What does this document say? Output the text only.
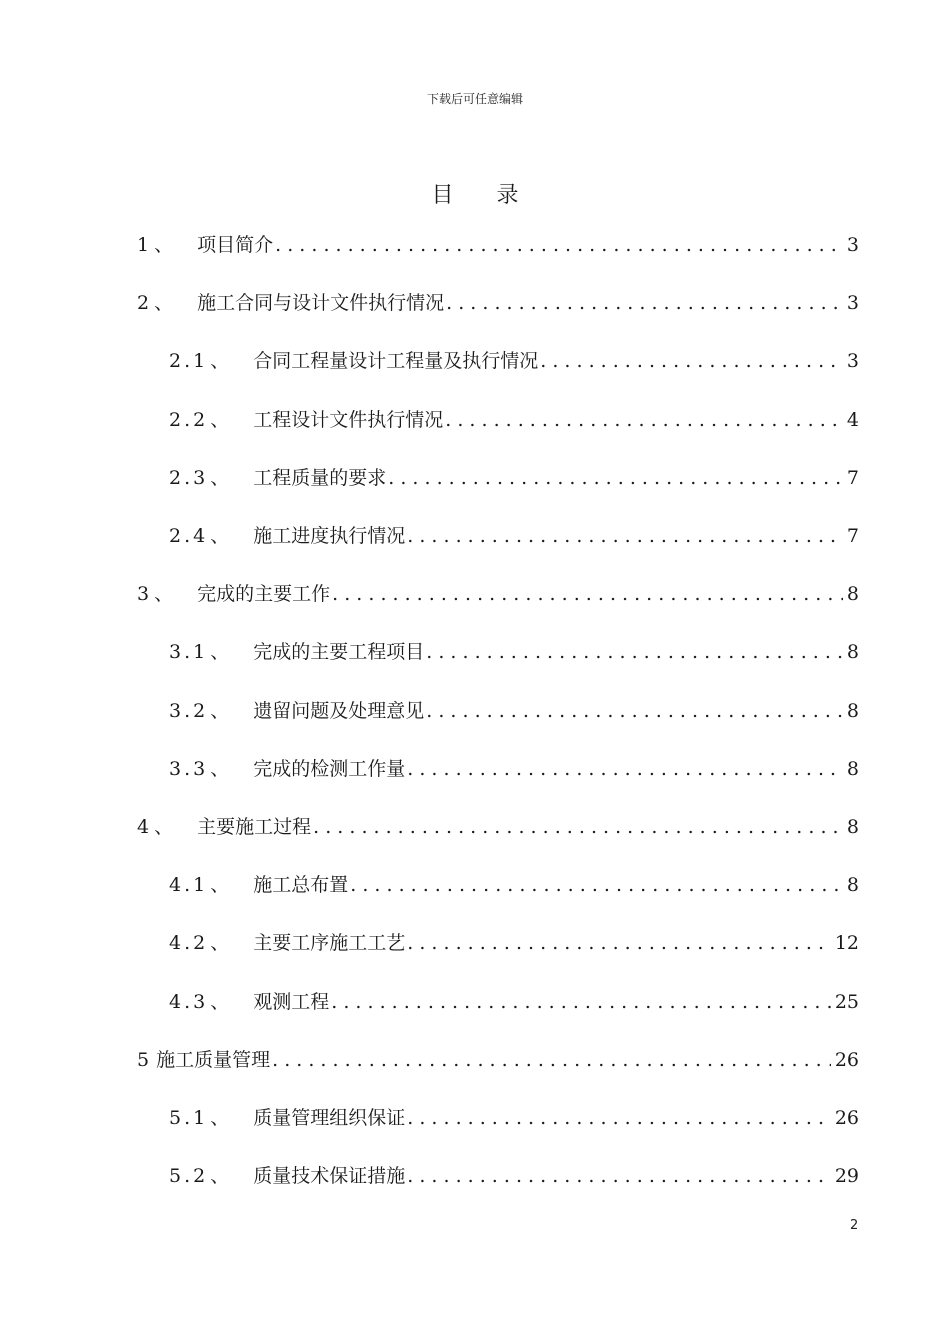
下载后可任意编辑
目 录
1 、 项目简介 . . .	3
2 、 施工合同与设计文件执行情况 . . .	3
2.1 、 合同工程量设计工程量及执行情况 . . .	3
2.2 、 工程设计文件执行情况 . . .	4
2.3 、 工程质量的要求 . . .	7
2.4 、 施工进度执行情况 . . .	7
3 、 完成的主要工作 . . .	8
3.1 、 完成的主要工程项目 . . .	8
3.2 、 遗留问题及处理意见 . . .	8
3.3 、 完成的检测工作量 . . .	8
4 、 主要施工过程 . . .	8
4.1 、 施工总布置 . . .	8
4.2 、 主要工序施工工艺 . . .	12
4.3 、 观测工程 . . .	25
5 施工质量管理 . . .	26
5.1 、 质量管理组织保证 . . .	26
5.2 、 质量技术保证措施 . . .	29
2
